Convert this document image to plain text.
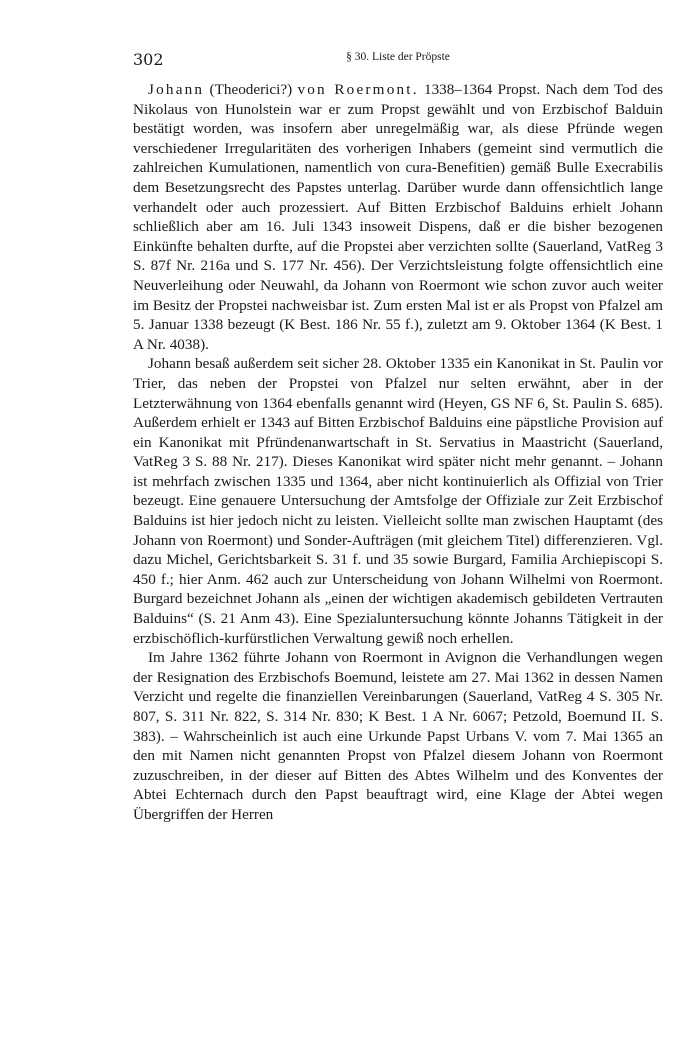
302	§ 30. Liste der Pröpste

Johann (Theoderici?) von Roermont. 1338–1364 Propst. Nach dem Tod des Nikolaus von Hunolstein war er zum Propst gewählt und von Erzbischof Balduin bestätigt worden, was insofern aber unregelmäßig war, als diese Pfründe wegen verschiedener Irregularitäten des vorherigen Inhabers (gemeint sind vermutlich die zahlreichen Kumulationen, namentlich von cura-Benefitien) gemäß Bulle Execrabilis dem Besetzungsrecht des Papstes unterlag. Darüber wurde dann offensichtlich lange verhandelt oder auch prozessiert. Auf Bitten Erzbischof Balduins erhielt Johann schließlich aber am 16. Juli 1343 insoweit Dispens, daß er die bisher bezogenen Einkünfte behalten durfte, auf die Propstei aber verzichten sollte (Sauerland, VatReg 3 S. 87f Nr. 216a und S. 177 Nr. 456). Der Verzichtsleistung folgte offensichtlich eine Neuverleihung oder Neuwahl, da Johann von Roermont wie schon zuvor auch weiter im Besitz der Propstei nachweisbar ist. Zum ersten Mal ist er als Propst von Pfalzel am 5. Januar 1338 bezeugt (K Best. 186 Nr. 55 f.), zuletzt am 9. Oktober 1364 (K Best. 1 A Nr. 4038).

Johann besaß außerdem seit sicher 28. Oktober 1335 ein Kanonikat in St. Paulin vor Trier, das neben der Propstei von Pfalzel nur selten erwähnt, aber in der Letzterwähnung von 1364 ebenfalls genannt wird (Heyen, GS NF 6, St. Paulin S. 685). Außerdem erhielt er 1343 auf Bitten Erzbischof Balduins eine päpstliche Provision auf ein Kanonikat mit Pfründenanwartschaft in St. Servatius in Maastricht (Sauerland, VatReg 3 S. 88 Nr. 217). Dieses Kanonikat wird später nicht mehr genannt. – Johann ist mehrfach zwischen 1335 und 1364, aber nicht kontinuierlich als Offizial von Trier bezeugt. Eine genauere Untersuchung der Amtsfolge der Offiziale zur Zeit Erzbischof Balduins ist hier jedoch nicht zu leisten. Vielleicht sollte man zwischen Hauptamt (des Johann von Roermont) und Sonder-Aufträgen (mit gleichem Titel) differenzieren. Vgl. dazu Michel, Gerichtsbarkeit S. 31 f. und 35 sowie Burgard, Familia Archiepiscopi S. 450 f.; hier Anm. 462 auch zur Unterscheidung von Johann Wilhelmi von Roermont. Burgard bezeichnet Johann als „einen der wichtigen akademisch gebildeten Vertrauten Balduins“ (S. 21 Anm 43). Eine Spezialuntersuchung könnte Johanns Tätigkeit in der erzbischöflich-kurfürstlichen Verwaltung gewiß noch erhellen.

Im Jahre 1362 führte Johann von Roermont in Avignon die Verhandlungen wegen der Resignation des Erzbischofs Boemund, leistete am 27. Mai 1362 in dessen Namen Verzicht und regelte die finanziellen Vereinbarungen (Sauerland, VatReg 4 S. 305 Nr. 807, S. 311 Nr. 822, S. 314 Nr. 830; K Best. 1 A Nr. 6067; Petzold, Boemund II. S. 383). – Wahrscheinlich ist auch eine Urkunde Papst Urbans V. vom 7. Mai 1365 an den mit Namen nicht genannten Propst von Pfalzel diesem Johann von Roermont zuzuschreiben, in der dieser auf Bitten des Abtes Wilhelm und des Konventes der Abtei Echternach durch den Papst beauftragt wird, eine Klage der Abtei wegen Übergriffen der Herren
